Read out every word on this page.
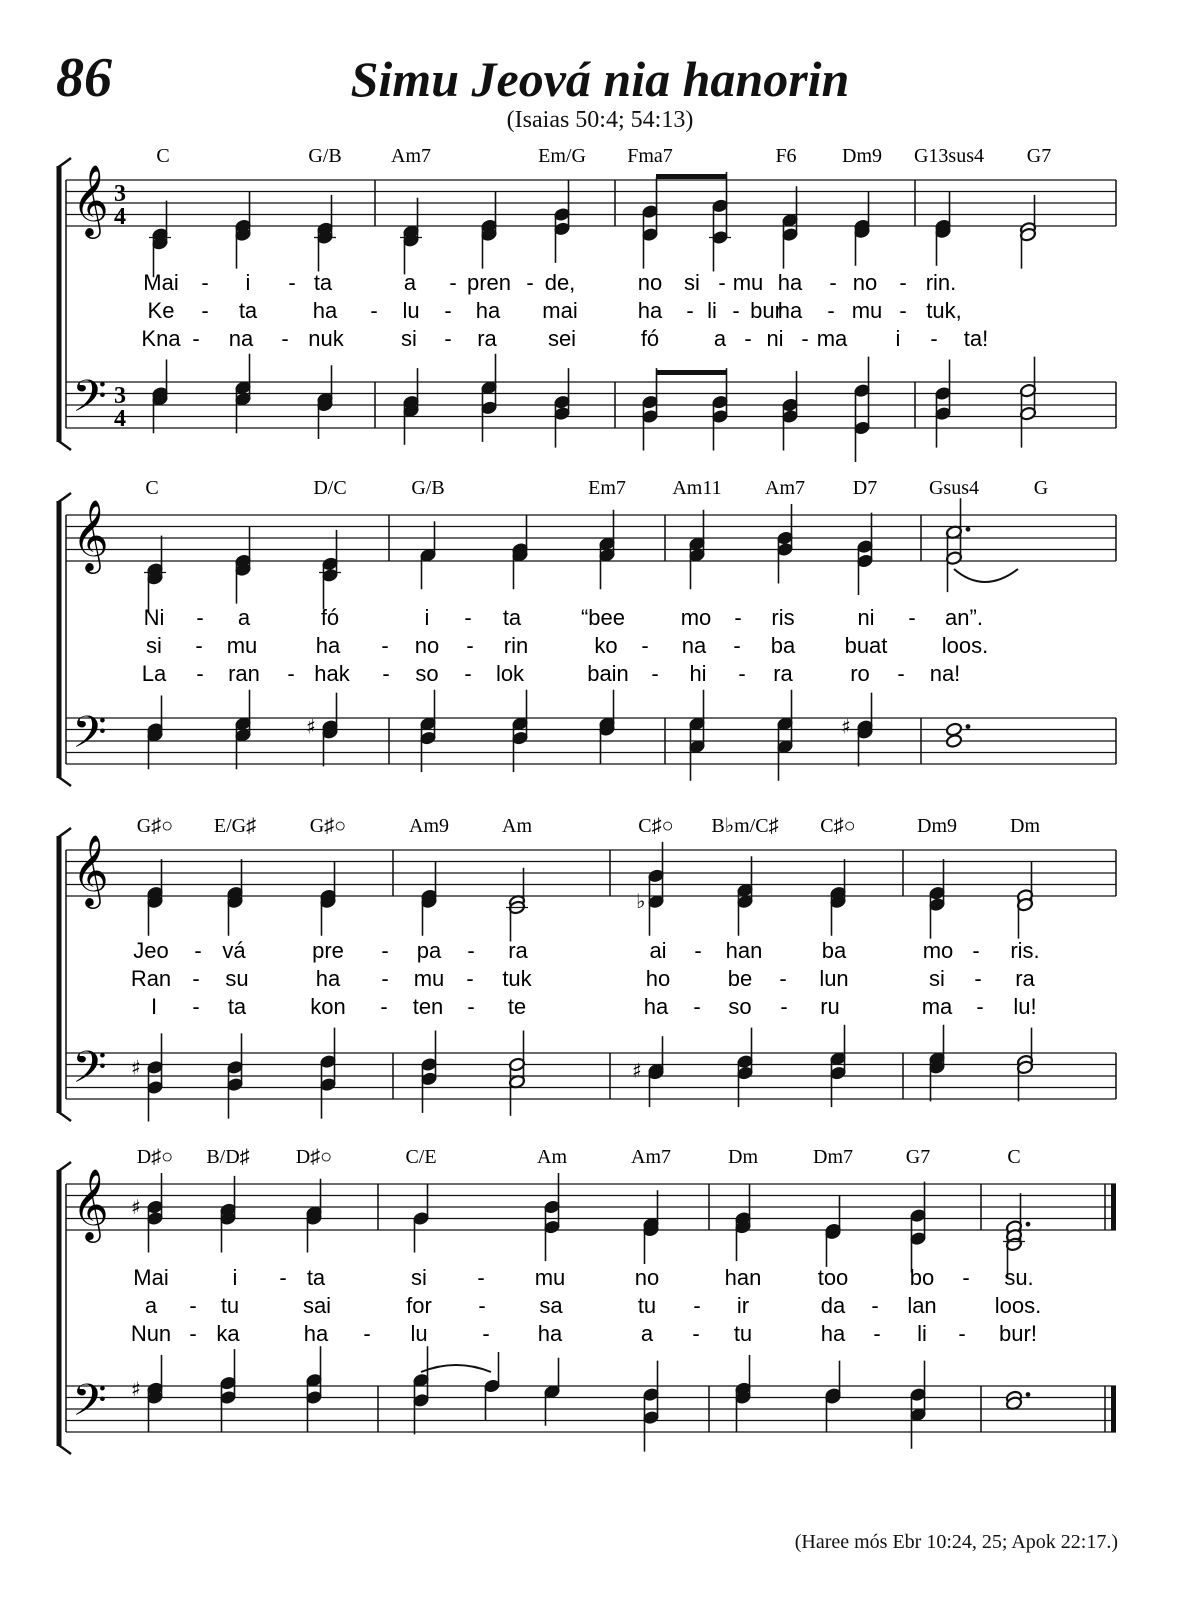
86	Simu Jeová nia hanorin
(Isaias 50:4; 54:13)
𝄞
𝄢
3
4
3
4
C	G/B Am7	Em/G Fma7	F6 Dm9 G13sus4 G7
Mai - i - ta	a - pren - de,	no si - mu ha - no - rin.
Ke - ta	ha - lu - ha mai	ha - li - bur
ha - mu - tuk,
Kna - na - nuk	si - ra sei	fó a - ni - ma i - ta!
𝄞
𝄢	♯	♯
C	D/C	G/B	Em7 Am11 Am7 D7	Gsus4	G
Ni - a	fó	i - ta	“bee	mo - ris	ni - an”.
si - mu	ha - no - rin	ko - na - ba buat loos.
La - ran - hak - so - lok	bain - hi - ra	ro - na!
𝄞
𝄢
♭
♯	♯
G♯○ E/G♯	G♯○	Am9	Am	C♯○ B♭m/C♯ C♯○	Dm9	Dm
Jeo - vá	pre - pa - ra	ai - han	ba	mo - ris.
Ran - su	ha - mu - tuk	ho	be - lun	si - ra
I - ta	kon - ten - te	ha - so - ru	ma - lu!
𝄞
𝄢
♯
♯
D♯○ B/D♯ D♯○	C/E	Am	Am7	Dm	Dm7	G7	C
Mai	i - ta	si - mu	no	han	too	bo - su.
a - tu	sai	for - sa	tu - ir	da - lan	loos.
Nun - ka	ha - lu - ha	a - tu	ha - li - bur!
(Haree mós Ebr 10:24, 25; Apok 22:17.)
